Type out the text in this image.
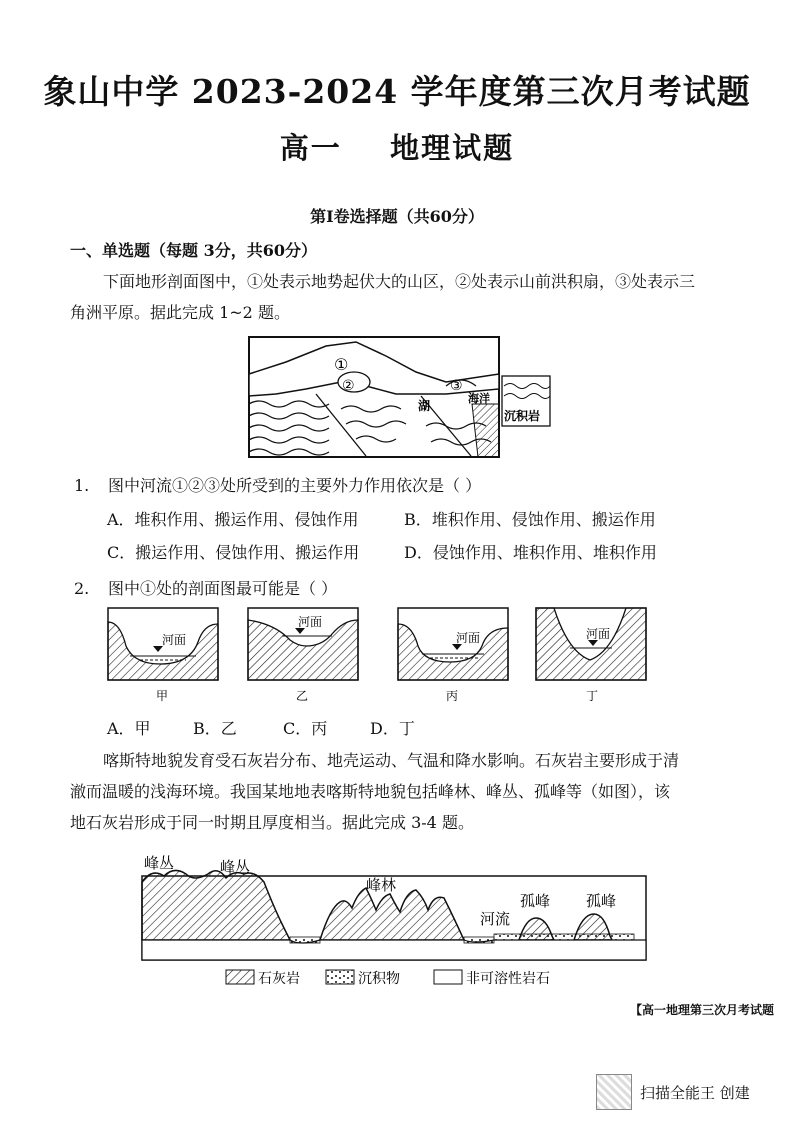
象山中学 2023-2024 学年度第三次月考试题
高一    地理试题
第I卷选择题（共60分）
一、单选题（每题 3分，共60分）
下面地形剖面图中，①处表示地势起伏大的山区，②处表示山前洪积扇，③处表示三
角洲平原。据此完成 1~2 题。
①
②	③
湖
海洋
沉积岩
1. 图中河流①②③处所受到的主要外力作用依次是（ ）
A．堆积作用、搬运作用、侵蚀作用	B．堆积作用、侵蚀作用、搬运作用
C．搬运作用、侵蚀作用、搬运作用	D．侵蚀作用、堆积作用、堆积作用
2. 图中①处的剖面图最可能是（ ）
河面
甲
河面
乙
河面
丙
河面
丁
A．甲	B．乙	C．丙	D．丁
喀斯特地貌发育受石灰岩分布、地壳运动、气温和降水影响。石灰岩主要形成于清
澈而温暖的浅海环境。我国某地地表喀斯特地貌包括峰林、峰丛、孤峰等（如图），该
地石灰岩形成于同一时期且厚度相当。据此完成 3-4 题。
峰丛	峰丛
峰林
河流
孤峰 孤峰
石灰岩	沉积物	非可溶性岩石
【高一地理第三次月考试题
扫描全能王 创建
